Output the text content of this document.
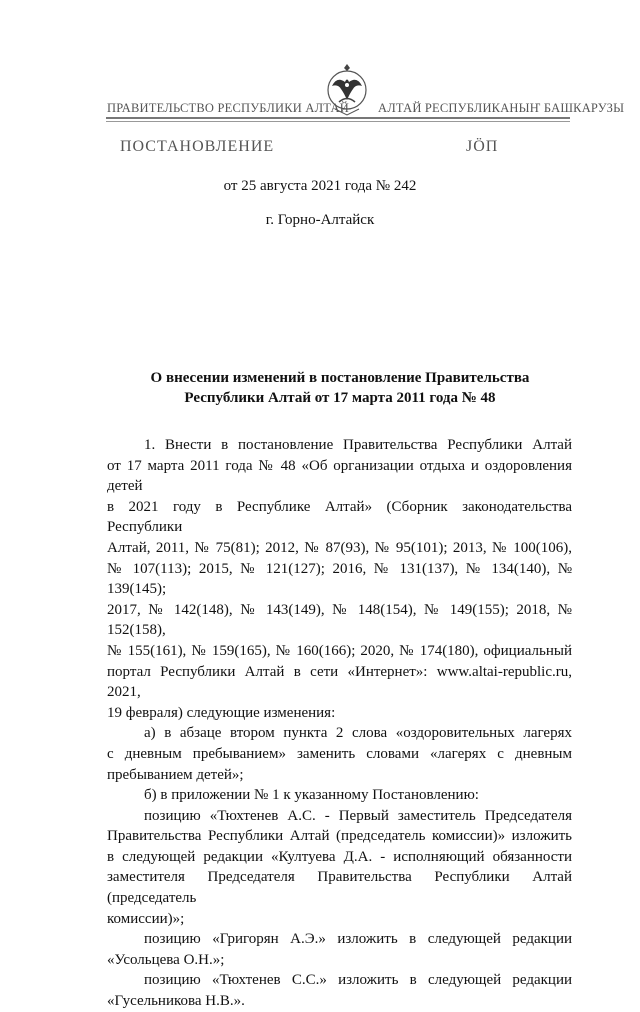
ПРАВИТЕЛЬСТВО РЕСПУБЛИКИ АЛТАЙ АЛТАЙ РЕСПУБЛИКАНЫҤ БАШКАРУЗЫ
ПОСТАНОВЛЕНИЕ	ЈӦП
от 25 августа 2021 года № 242
г. Горно-Алтайск
О внесении изменений в постановление Правительства
Республики Алтай от 17 марта 2011 года № 48

1. Внести в постановление Правительства Республики Алтай

от 17 марта 2011 года № 48 «Об организации отдыха и оздоровления детей

в 2021 году в Республике Алтай» (Сборник законодательства Республики

Алтай, 2011, № 75(81); 2012, № 87(93), № 95(101); 2013, № 100(106),

№ 107(113); 2015, № 121(127); 2016, № 131(137), № 134(140), № 139(145);

2017, № 142(148), № 143(149), № 148(154), № 149(155); 2018, № 152(158),

№ 155(161), № 159(165), № 160(166); 2020, № 174(180), официальный

портал Республики Алтай в сети «Интернет»: www.altai-republic.ru, 2021,

19 февраля) следующие изменения:

а) в абзаце втором пункта 2 слова «оздоровительных лагерях

с дневным пребыванием» заменить словами «лагерях с дневным

пребыванием детей»;

б) в приложении № 1 к указанному Постановлению:

позицию «Тюхтенев А.С. - Первый заместитель Председателя

Правительства Республики Алтай (председатель комиссии)» изложить

в следующей редакции «Култуева Д.А. - исполняющий обязанности

заместителя Председателя Правительства Республики Алтай (председатель

комиссии)»;

позицию «Григорян А.Э.» изложить в следующей редакции

«Усольцева О.Н.»;

позицию «Тюхтенев С.С.» изложить в следующей редакции

«Гусельникова Н.В.».
